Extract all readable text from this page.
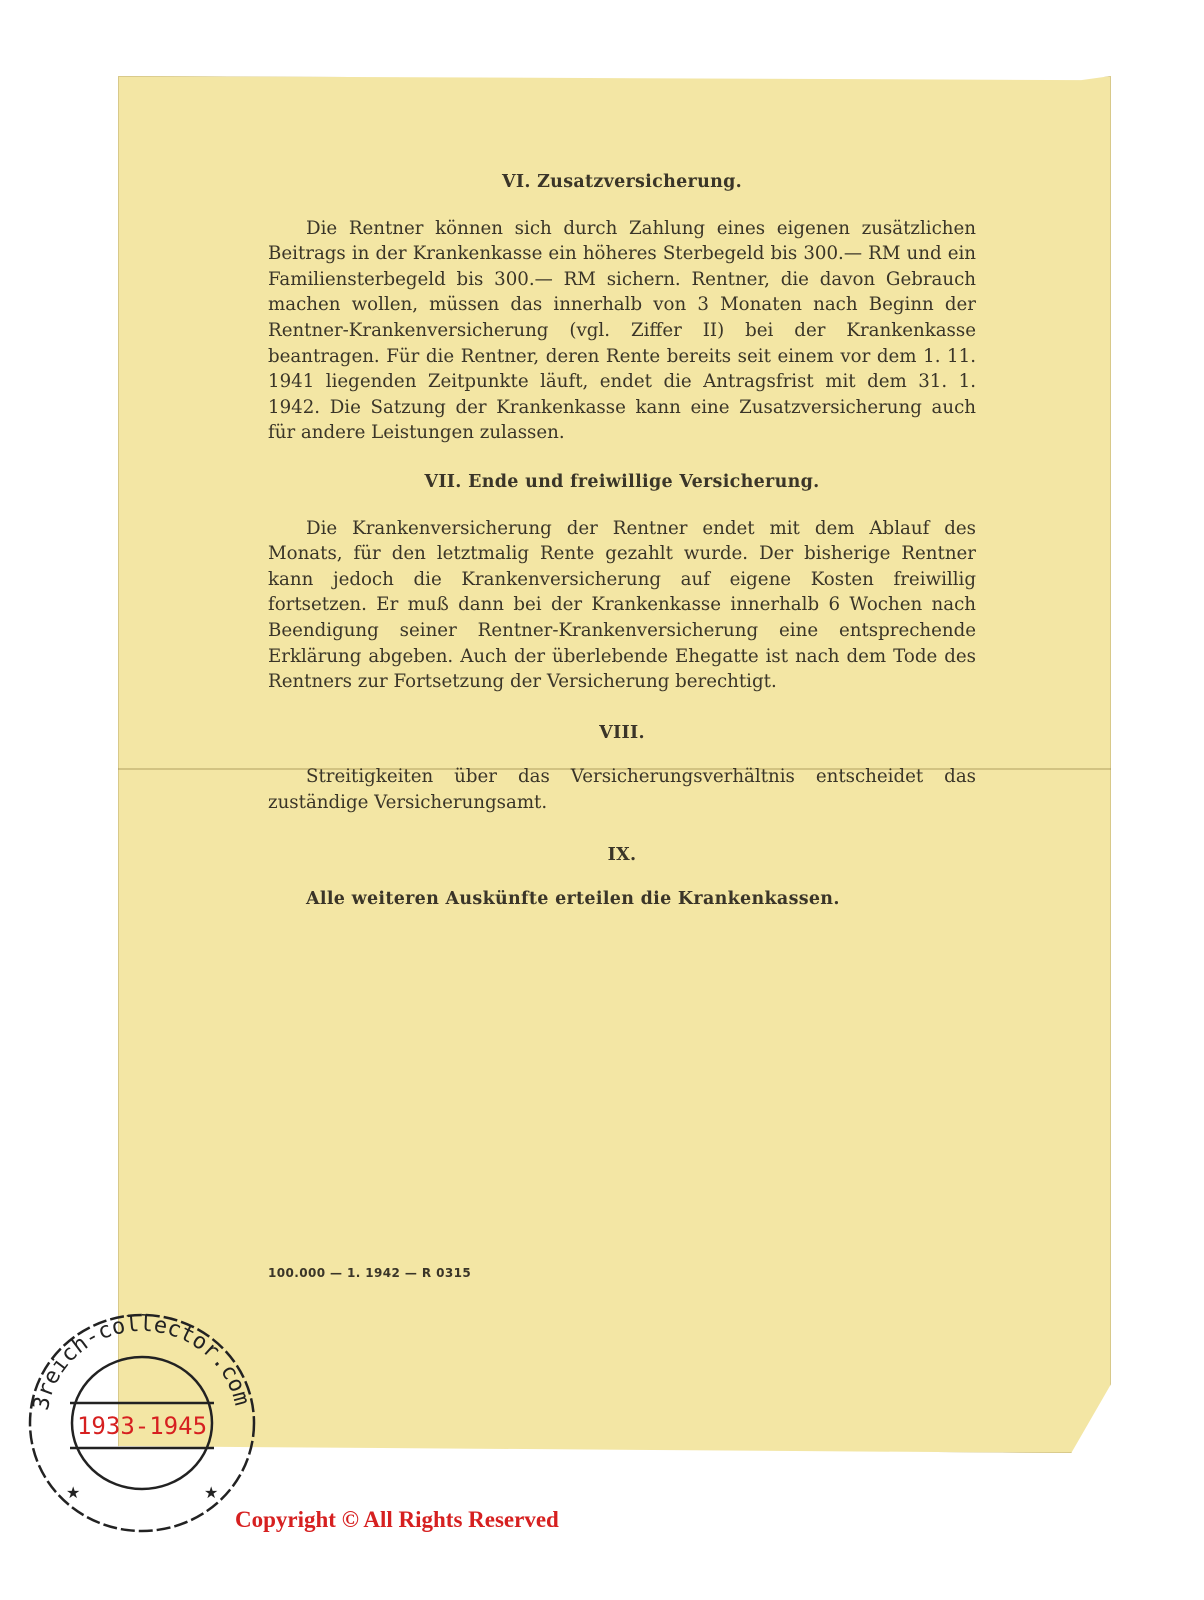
VI. Zusatzversicherung.

Die Rentner können sich durch Zahlung eines eigenen zusätzlichen Beitrags in der Krankenkasse ein höheres Sterbegeld bis 300.— RM und ein Familiensterbegeld bis 300.— RM sichern. Rentner, die davon Gebrauch machen wollen, müssen das innerhalb von 3 Monaten nach Beginn der Rentner-Krankenversicherung (vgl. Ziffer II) bei der Krankenkasse beantragen. Für die Rentner, deren Rente bereits seit einem vor dem 1. 11. 1941 liegenden Zeitpunkte läuft, endet die Antragsfrist mit dem 31. 1. 1942. Die Satzung der Krankenkasse kann eine Zusatzversicherung auch für andere Leistungen zulassen.

VII. Ende und freiwillige Versicherung.

Die Krankenversicherung der Rentner endet mit dem Ablauf des Monats, für den letztmalig Rente gezahlt wurde. Der bisherige Rentner kann jedoch die Krankenversicherung auf eigene Kosten freiwillig fortsetzen. Er muß dann bei der Krankenkasse innerhalb 6 Wochen nach Beendigung seiner Rentner-Krankenversicherung eine entsprechende Erklärung abgeben. Auch der überlebende Ehegatte ist nach dem Tode des Rentners zur Fortsetzung der Versicherung berechtigt.

VIII.

Streitigkeiten über das Versicherungsverhältnis entscheidet das zuständige Versicherungsamt.

IX.
Alle weiteren Auskünfte erteilen die Krankenkassen.
100.000 — 1. 1942 — R 0315
3reich-collector.com
1933-1945
★	★
Copyright © All Rights Reserved
